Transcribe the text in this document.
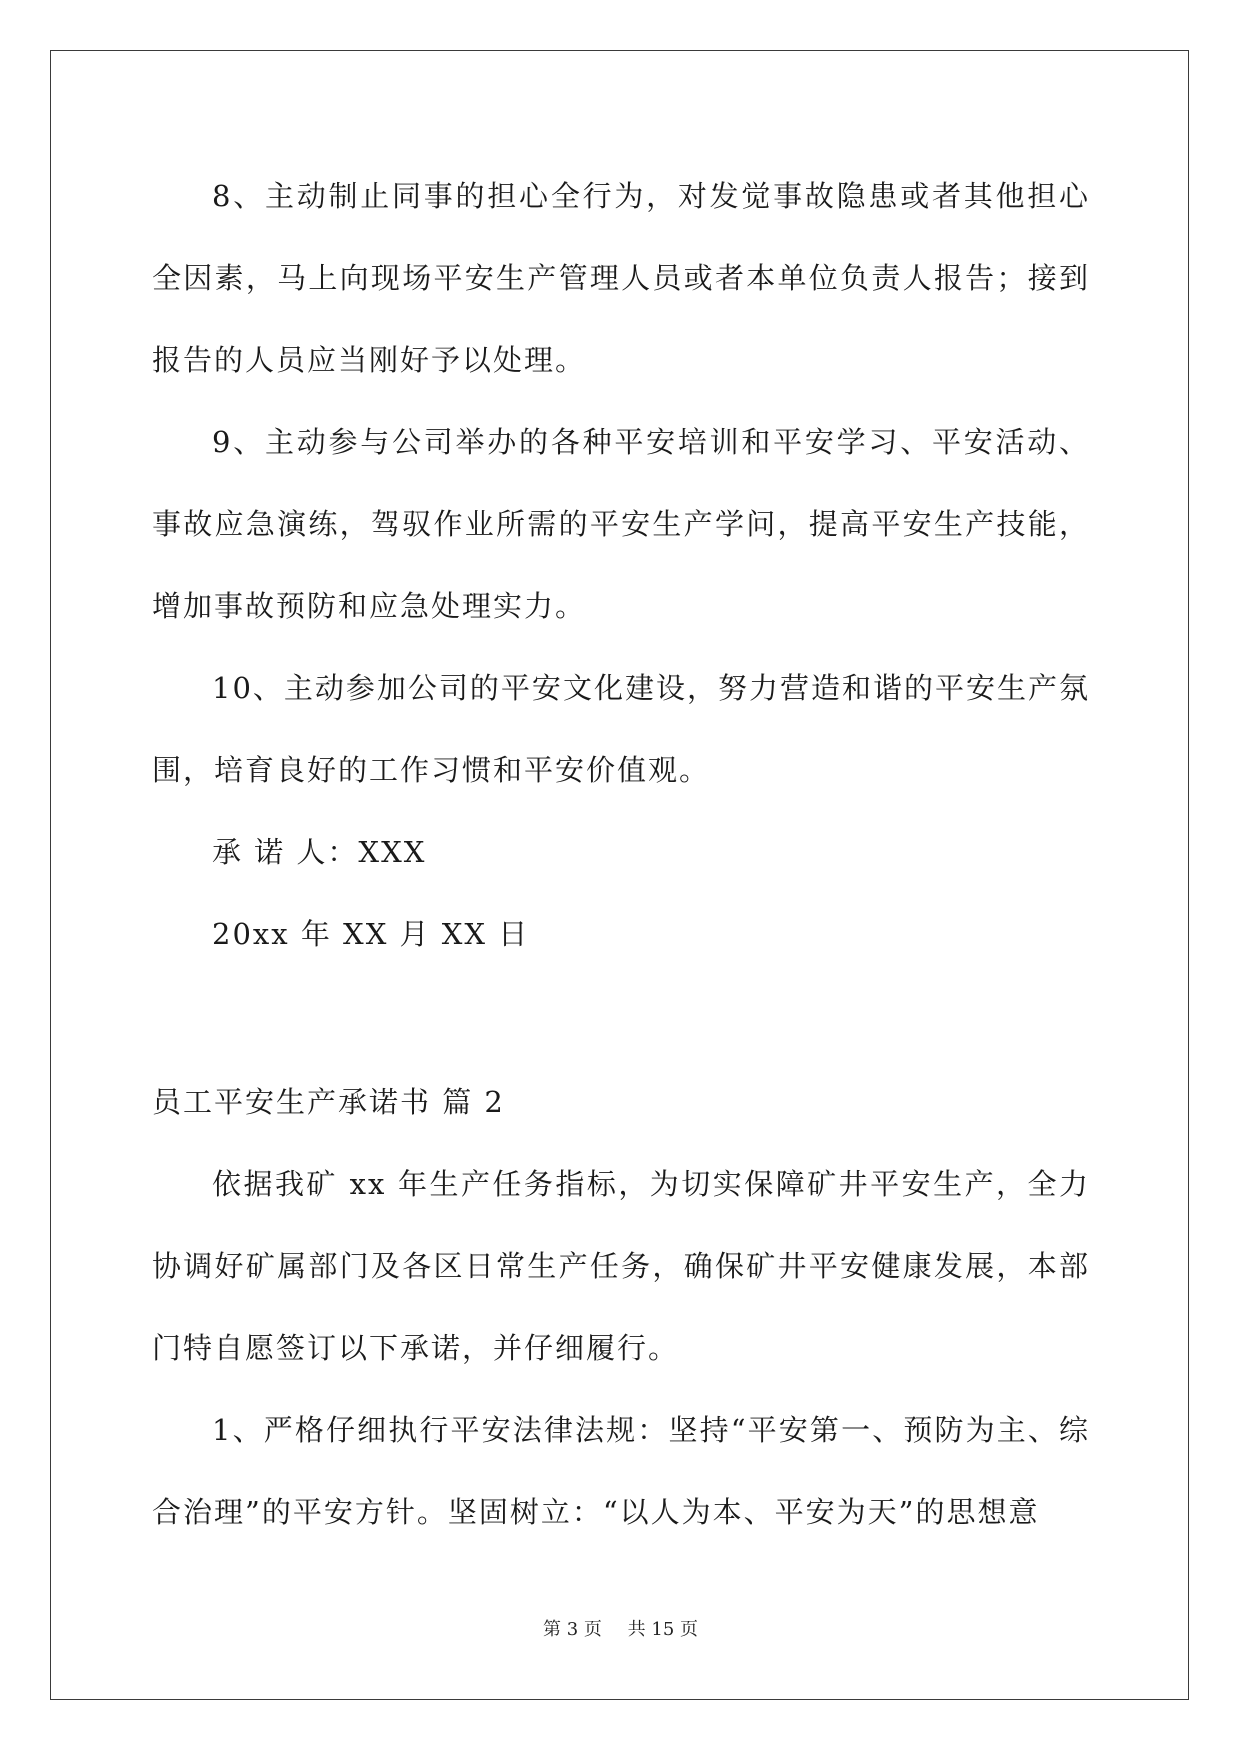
8、主动制止同事的担心全行为，对发觉事故隐患或者其他担心全因素，马上向现场平安生产管理人员或者本单位负责人报告；接到报告的人员应当刚好予以处理。

9、主动参与公司举办的各种平安培训和平安学习、平安活动、事故应急演练，驾驭作业所需的平安生产学问，提高平安生产技能，增加事故预防和应急处理实力。

10、主动参加公司的平安文化建设，努力营造和谐的平安生产氛围，培育良好的工作习惯和平安价值观。

承 诺 人：XXX

20xx 年 XX 月 XX 日

员工平安生产承诺书 篇 2

依据我矿 xx 年生产任务指标，为切实保障矿井平安生产，全力协调好矿属部门及各区日常生产任务，确保矿井平安健康发展，本部门特自愿签订以下承诺，并仔细履行。

1、严格仔细执行平安法律法规：坚持“平安第一、预防为主、综合治理”的平安方针。坚固树立：“以人为本、平安为天”的思想意

第 3 页 共 15 页
